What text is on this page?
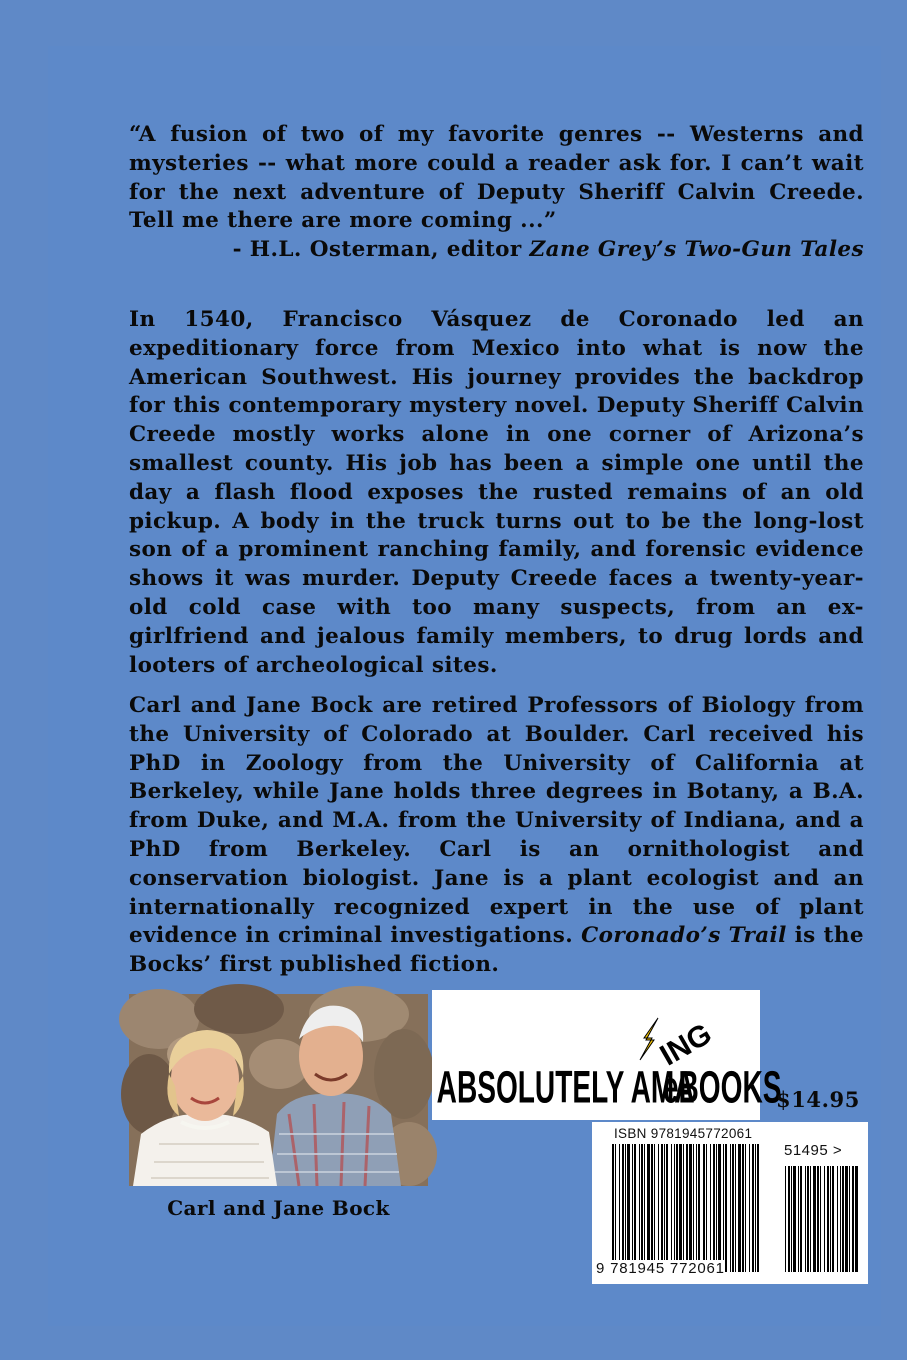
“A fusion of two of my favorite genres -- Westerns and mysteries -- what more could a reader ask for. I can’t wait for the next adventure of Deputy Sheriff Calvin Creede. Tell me there are more coming ...”
- H.L. Osterman, editor Zane Grey’s Two-Gun Tales
In 1540, Francisco Vásquez de Coronado led an expeditionary force from Mexico into what is now the American Southwest. His journey provides the backdrop for this contemporary mystery novel. Deputy Sheriff Calvin Creede mostly works alone in one corner of Arizona’s smallest county. His job has been a simple one until the day a flash flood exposes the rusted remains of an old pickup. A body in the truck turns out to be the long-lost son of a prominent ranching family, and forensic evidence shows it was murder. Deputy Creede faces a twenty-year-old cold case with too many suspects, from an ex-girlfriend and jealous family members, to drug lords and looters of archeological sites.
Carl and Jane Bock are retired Professors of Biology from the University of Colorado at Boulder. Carl received his PhD in Zoology from the University of California at Berkeley, while Jane holds three degrees in Botany, a B.A. from Duke, and M.A. from the University of Indiana, and a PhD from Berkeley. Carl is an ornithologist and conservation biologist. Jane is a plant ecologist and an internationally recognized expert in the use of plant evidence in criminal investigations. Coronado’s Trail is the Bocks’ first published fiction.
Carl and Jane Bock
ABSOLUTELY AMA
ING
eBOOKS
$14.95
ISBN 9781945772061
51495 >
9 781945 772061
